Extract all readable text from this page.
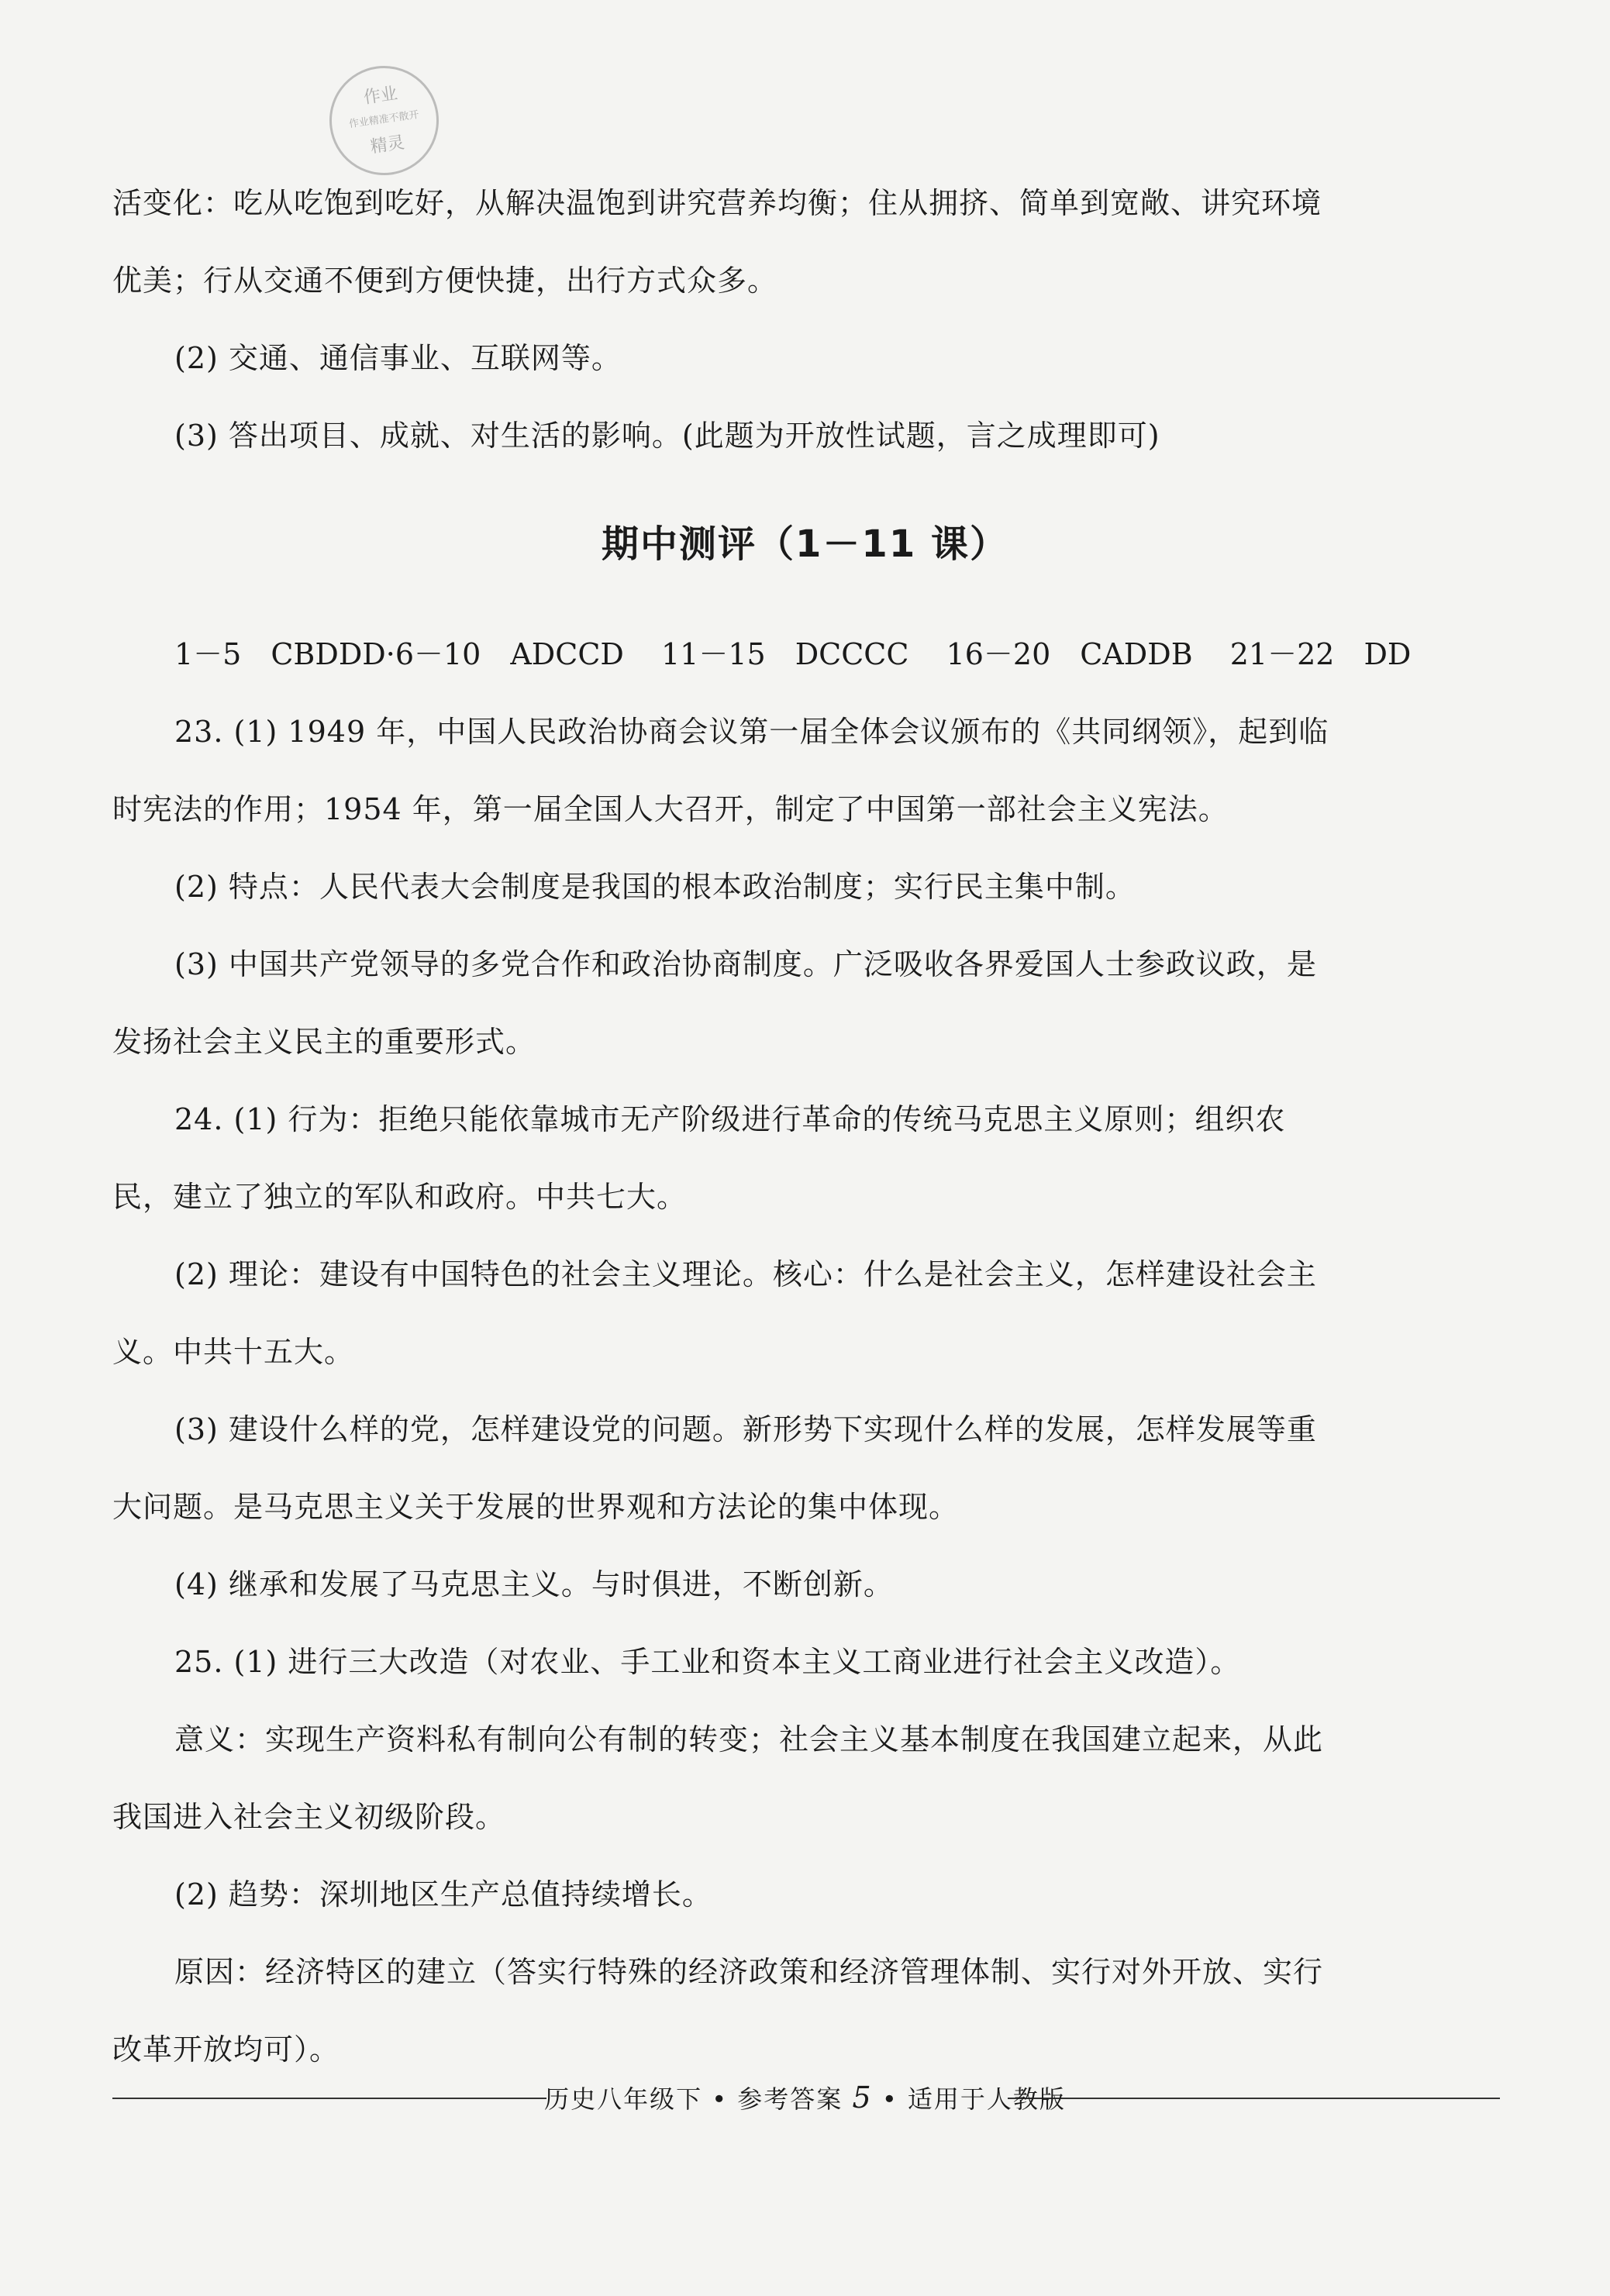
作业
作业精准不散开
精灵
活变化：吃从吃饱到吃好，从解决温饱到讲究营养均衡；住从拥挤、简单到宽敞、讲究环境
优美；行从交通不便到方便快捷，出行方式众多。
(2) 交通、通信事业、互联网等。
(3) 答出项目、成就、对生活的影响。(此题为开放性试题，言之成理即可)
期中测评（1－11 课）
1－5　CBDDD·6－10　ADCCD 11－15　DCCCC 16－20　CADDB 21－22　DD
23. (1) 1949 年，中国人民政治协商会议第一届全体会议颁布的《共同纲领》，起到临
时宪法的作用；1954 年，第一届全国人大召开，制定了中国第一部社会主义宪法。
(2) 特点：人民代表大会制度是我国的根本政治制度；实行民主集中制。
(3) 中国共产党领导的多党合作和政治协商制度。广泛吸收各界爱国人士参政议政，是
发扬社会主义民主的重要形式。
24. (1) 行为：拒绝只能依靠城市无产阶级进行革命的传统马克思主义原则；组织农
民，建立了独立的军队和政府。中共七大。
(2) 理论：建设有中国特色的社会主义理论。核心：什么是社会主义，怎样建设社会主
义。中共十五大。
(3) 建设什么样的党，怎样建设党的问题。新形势下实现什么样的发展，怎样发展等重
大问题。是马克思主义关于发展的世界观和方法论的集中体现。
(4) 继承和发展了马克思主义。与时俱进，不断创新。
25. (1) 进行三大改造（对农业、手工业和资本主义工商业进行社会主义改造）。
意义：实现生产资料私有制向公有制的转变；社会主义基本制度在我国建立起来，从此
我国进入社会主义初级阶段。
(2) 趋势：深圳地区生产总值持续增长。
原因：经济特区的建立（答实行特殊的经济政策和经济管理体制、实行对外开放、实行
改革开放均可）。
历史八年级下 • 参考答案 5 • 适用于人教版
